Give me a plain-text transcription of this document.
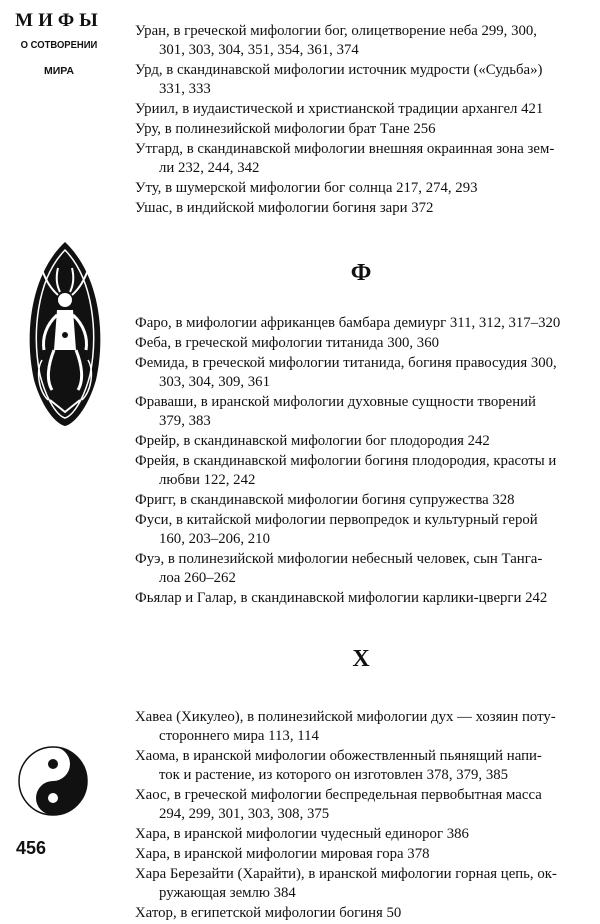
МИФЫ
О СОТВОРЕНИИ
МИРА
456
Уран, в греческой мифологии бог, олицетворение неба 299, 300,
301, 303, 304, 351, 354, 361, 374
Урд, в скандинавской мифологии источник мудрости («Судьба»)
331, 333
Уриил, в иудаистической и христианской традиции архангел 421
Уру, в полинезийской мифологии брат Тане 256
Утгард, в скандинавской мифологии внешняя окраинная зона зем-
ли 232, 244, 342
Уту, в шумерской мифологии бог солнца 217, 274, 293
Ушас, в индийской мифологии богиня зари 372
Ф
Фаро, в мифологии африканцев бамбара демиург 311, 312, 317–320
Феба, в греческой мифологии титанида 300, 360
Фемида, в греческой мифологии титанида, богиня правосудия 300,
303, 304, 309, 361
Фраваши, в иранской мифологии духовные сущности творений
379, 383
Фрейр, в скандинавской мифологии бог плодородия 242
Фрейя, в скандинавской мифологии богиня плодородия, красоты и
любви 122, 242
Фригг, в скандинавской мифологии богиня супружества 328
Фуси, в китайской мифологии первопредок и культурный герой
160, 203–206, 210
Фуэ, в полинезийской мифологии небесный человек, сын Танга-
лоа 260–262
Фьялар и Галар, в скандинавской мифологии карлики-цверги 242
Х
Хавеа (Хикулео), в полинезийской мифологии дух — хозяин поту-
стороннего мира 113, 114
Хаома, в иранской мифологии обожествленный пьянящий напи-
ток и растение, из которого он изготовлен 378, 379, 385
Хаос, в греческой мифологии беспредельная первобытная масса
294, 299, 301, 303, 308, 375
Хара, в иранской мифологии чудесный единорог 386
Хара, в иранской мифологии мировая гора 378
Хара Березайти (Харайти), в иранской мифологии горная цепь, ок-
ружающая землю 384
Хатор, в египетской мифологии богиня 50
